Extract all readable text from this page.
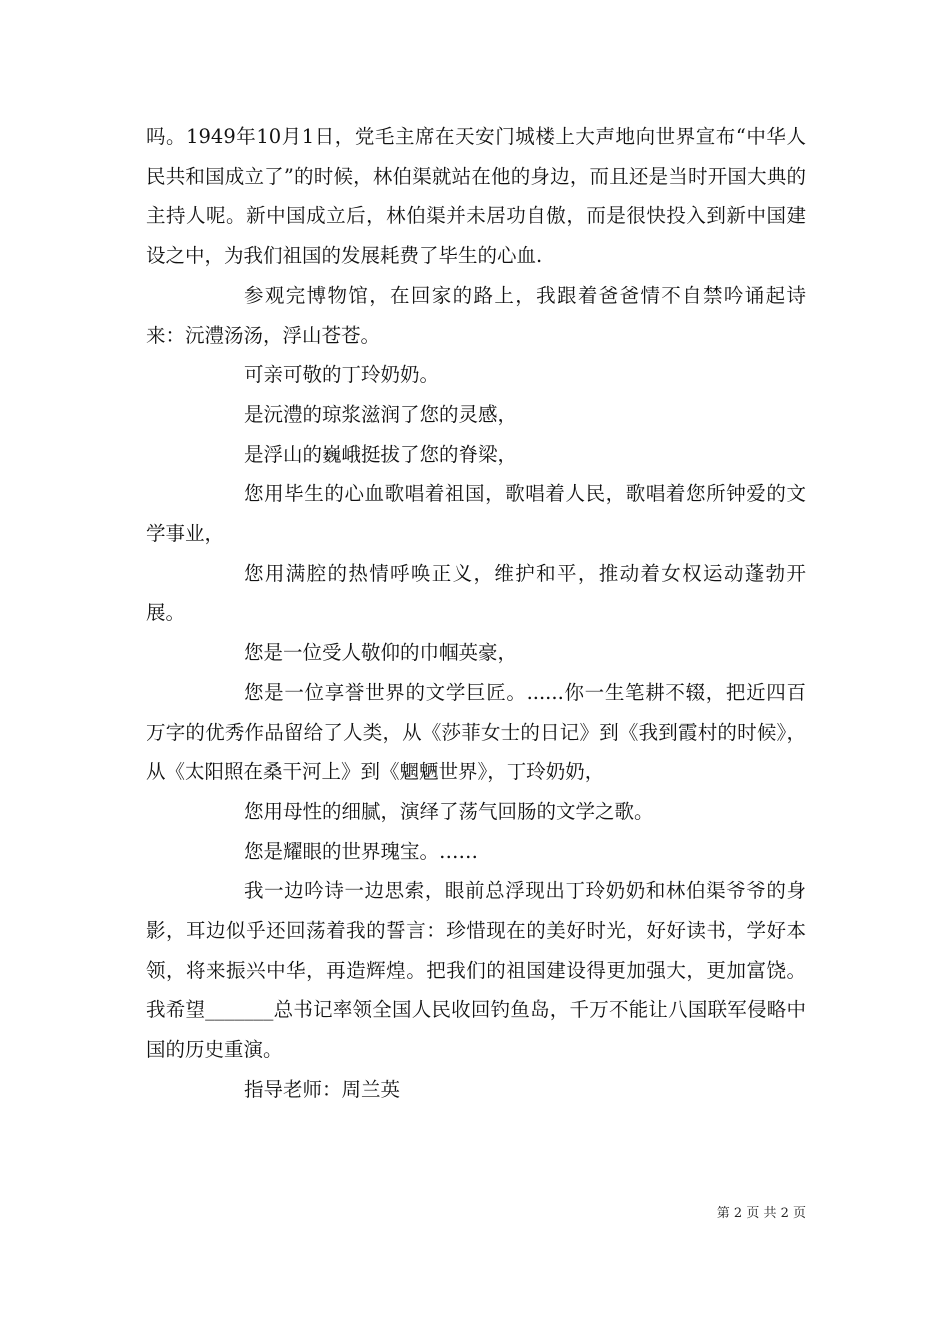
吗。1949年10月1日，党毛主席在天安门城楼上大声地向世界宣布“中华人民共和国成立了”的时候，林伯渠就站在他的身边，而且还是当时开国大典的主持人呢。新中国成立后，林伯渠并未居功自傲，而是很快投入到新中国建设之中，为我们祖国的发展耗费了毕生的心血.

参观完博物馆，在回家的路上，我跟着爸爸情不自禁吟诵起诗来：沅澧汤汤，浮山苍苍。

可亲可敬的丁玲奶奶。

是沅澧的琼浆滋润了您的灵感，

是浮山的巍峨挺拔了您的脊梁，

您用毕生的心血歌唱着祖国，歌唱着人民，歌唱着您所钟爱的文学事业，

您用满腔的热情呼唤正义，维护和平，推动着女权运动蓬勃开展。

您是一位受人敬仰的巾帼英豪，

您是一位享誉世界的文学巨匠。......你一生笔耕不辍，把近四百万字的优秀作品留给了人类，从《莎菲女士的日记》到《我到霞村的时候》，从《太阳照在桑干河上》到《魍魉世界》，丁玲奶奶，

您用母性的细腻，演绎了荡气回肠的文学之歌。

您是耀眼的世界瑰宝。……

我一边吟诗一边思索，眼前总浮现出丁玲奶奶和林伯渠爷爷的身影，耳边似乎还回荡着我的誓言：珍惜现在的美好时光，好好读书，学好本领，将来振兴中华，再造辉煌。把我们的祖国建设得更加强大，更加富饶。我希望_______总书记率领全国人民收回钓鱼岛，千万不能让八国联军侵略中国的历史重演。

指导老师：周兰英

第 2 页 共 2 页
